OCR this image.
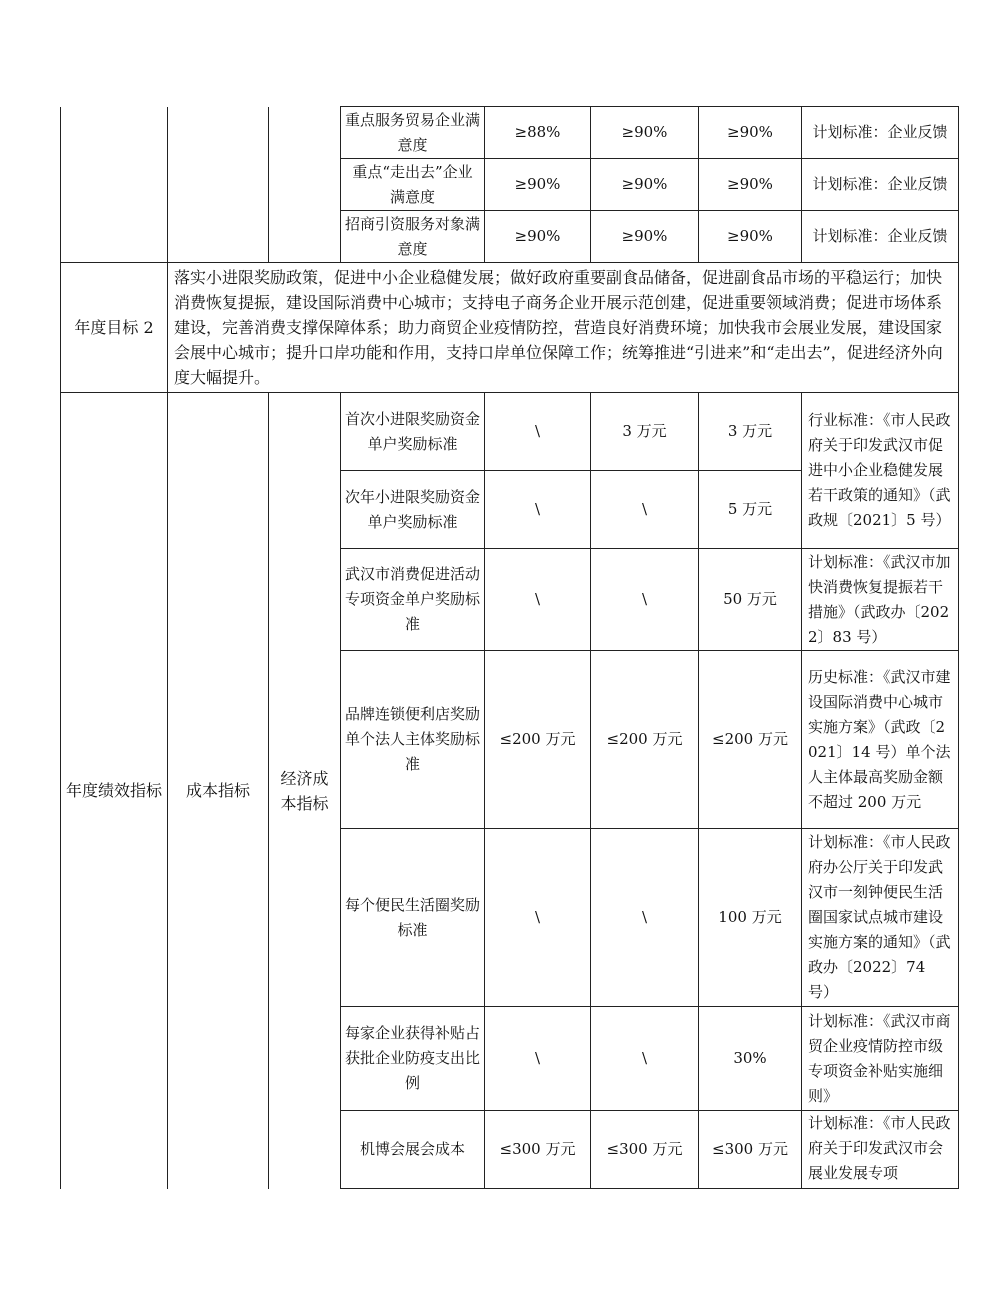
			重点服务贸易企业满意度	≥88%	≥90%	≥90%	计划标准：企业反馈
			重点“走出去”企业满意度	≥90%	≥90%	≥90%	计划标准：企业反馈
			招商引资服务对象满意度	≥90%	≥90%	≥90%	计划标准：企业反馈
年度目标 2	落实小进限奖励政策，促进中小企业稳健发展；做好政府重要副食品储备，促进副食品市场的平稳运行；加快消费恢复提振，建设国际消费中心城市；支持电子商务企业开展示范创建，促进重要领域消费；促进市场体系建设，完善消费支撑保障体系；助力商贸企业疫情防控，营造良好消费环境；加快我市会展业发展，建设国家会展中心城市；提升口岸功能和作用，支持口岸单位保障工作；统筹推进“引进来”和“走出去”，促进经济外向度大幅提升。						
年度绩效指标	成本指标	经济成本指标	首次小进限奖励资金单户奖励标准	\	3 万元	3 万元	行业标准：《市人民政府关于印发武汉市促进中小企业稳健发展若干政策的通知》（武政规〔2021〕5 号）
			次年小进限奖励资金单户奖励标准	\	\	5 万元	
			武汉市消费促进活动专项资金单户奖励标准	\	\	50 万元	计划标准：《武汉市加快消费恢复提振若干措施》（武政办〔2022〕83 号）
			品牌连锁便利店奖励单个法人主体奖励标准	≤200 万元	≤200 万元	≤200 万元	历史标准：《武汉市建设国际消费中心城市实施方案》（武政〔2021〕14 号）单个法人主体最高奖励金额不超过 200 万元
			每个便民生活圈奖励标准	\	\	100 万元	计划标准：《市人民政府办公厅关于印发武汉市一刻钟便民生活圈国家试点城市建设实施方案的通知》（武政办〔2022〕74 号）
			每家企业获得补贴占获批企业防疫支出比例	\	\	30%	计划标准：《武汉市商贸企业疫情防控市级专项资金补贴实施细则》
			机博会展会成本	≤300 万元	≤300 万元	≤300 万元	计划标准：《市人民政府关于印发武汉市会展业发展专项
